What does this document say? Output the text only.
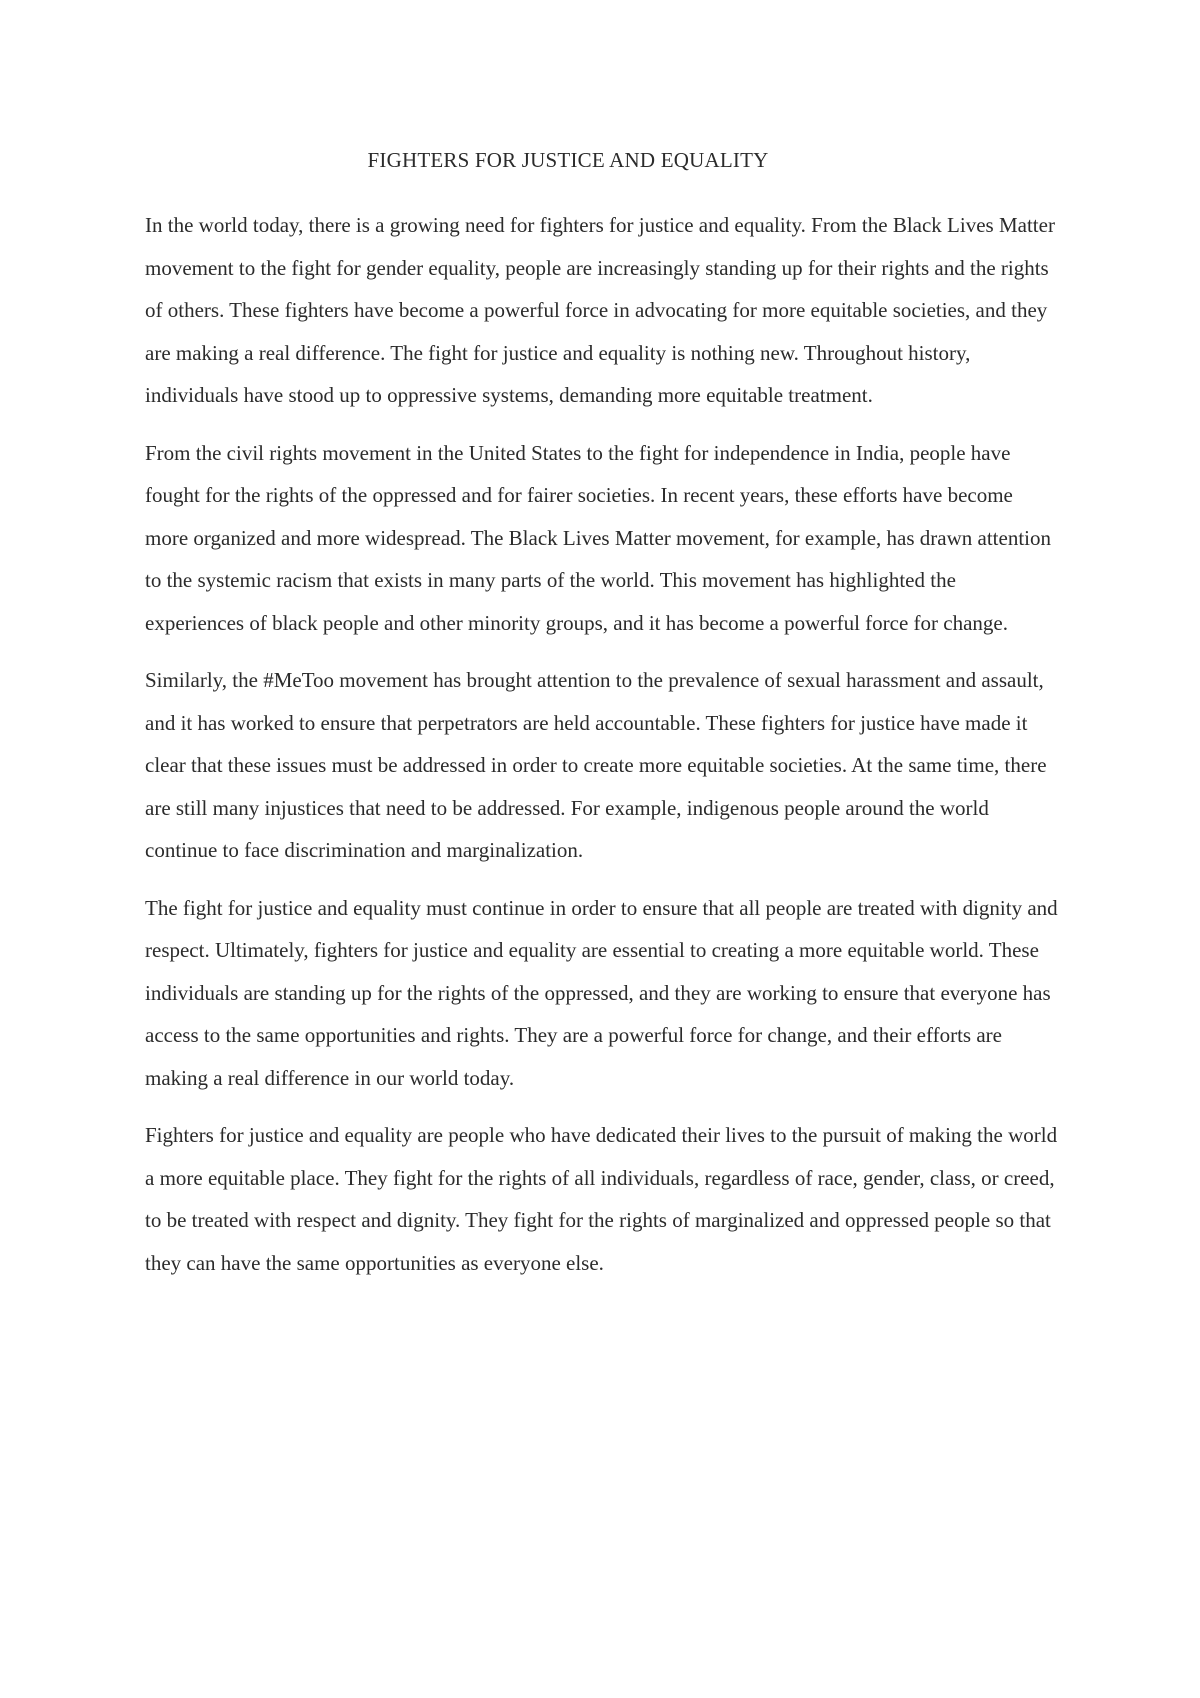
FIGHTERS FOR JUSTICE AND EQUALITY

In the world today, there is a growing need for fighters for justice and equality. From the Black Lives Matter movement to the fight for gender equality, people are increasingly standing up for their rights and the rights of others. These fighters have become a powerful force in advocating for more equitable societies, and they are making a real difference. The fight for justice and equality is nothing new. Throughout history, individuals have stood up to oppressive systems, demanding more equitable treatment.

From the civil rights movement in the United States to the fight for independence in India, people have fought for the rights of the oppressed and for fairer societies. In recent years, these efforts have become more organized and more widespread. The Black Lives Matter movement, for example, has drawn attention to the systemic racism that exists in many parts of the world. This movement has highlighted the experiences of black people and other minority groups, and it has become a powerful force for change.

Similarly, the #MeToo movement has brought attention to the prevalence of sexual harassment and assault, and it has worked to ensure that perpetrators are held accountable. These fighters for justice have made it clear that these issues must be addressed in order to create more equitable societies. At the same time, there are still many injustices that need to be addressed. For example, indigenous people around the world continue to face discrimination and marginalization.

The fight for justice and equality must continue in order to ensure that all people are treated with dignity and respect. Ultimately, fighters for justice and equality are essential to creating a more equitable world. These individuals are standing up for the rights of the oppressed, and they are working to ensure that everyone has access to the same opportunities and rights. They are a powerful force for change, and their efforts are making a real difference in our world today.

Fighters for justice and equality are people who have dedicated their lives to the pursuit of making the world a more equitable place. They fight for the rights of all individuals, regardless of race, gender, class, or creed, to be treated with respect and dignity. They fight for the rights of marginalized and oppressed people so that they can have the same opportunities as everyone else.
